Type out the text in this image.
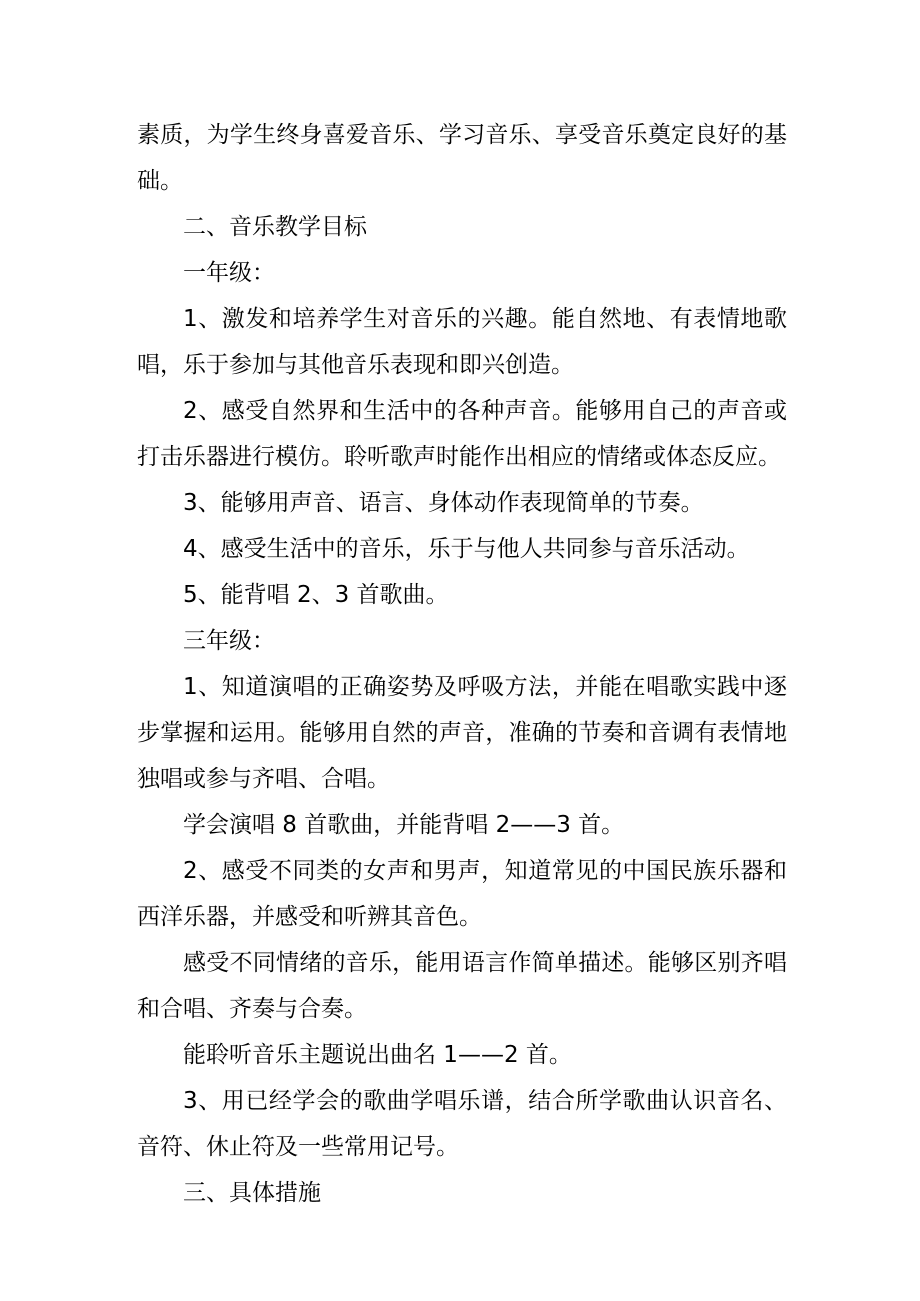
素质，为学生终身喜爱音乐、学习音乐、享受音乐奠定良好的基础。

二、音乐教学目标

一年级：

1、激发和培养学生对音乐的兴趣。能自然地、有表情地歌唱，乐于参加与其他音乐表现和即兴创造。

2、感受自然界和生活中的各种声音。能够用自己的声音或打击乐器进行模仿。聆听歌声时能作出相应的情绪或体态反应。

3、能够用声音、语言、身体动作表现简单的节奏。

4、感受生活中的音乐，乐于与他人共同参与音乐活动。

5、能背唱 2、3 首歌曲。

三年级：

1、知道演唱的正确姿势及呼吸方法，并能在唱歌实践中逐步掌握和运用。能够用自然的声音，准确的节奏和音调有表情地独唱或参与齐唱、合唱。

学会演唱 8 首歌曲，并能背唱 2——3 首。

2、感受不同类的女声和男声，知道常见的中国民族乐器和西洋乐器，并感受和听辨其音色。

感受不同情绪的音乐，能用语言作简单描述。能够区别齐唱和合唱、齐奏与合奏。

能聆听音乐主题说出曲名 1——2 首。

3、用已经学会的歌曲学唱乐谱，结合所学歌曲认识音名、音符、休止符及一些常用记号。

三、具体措施
